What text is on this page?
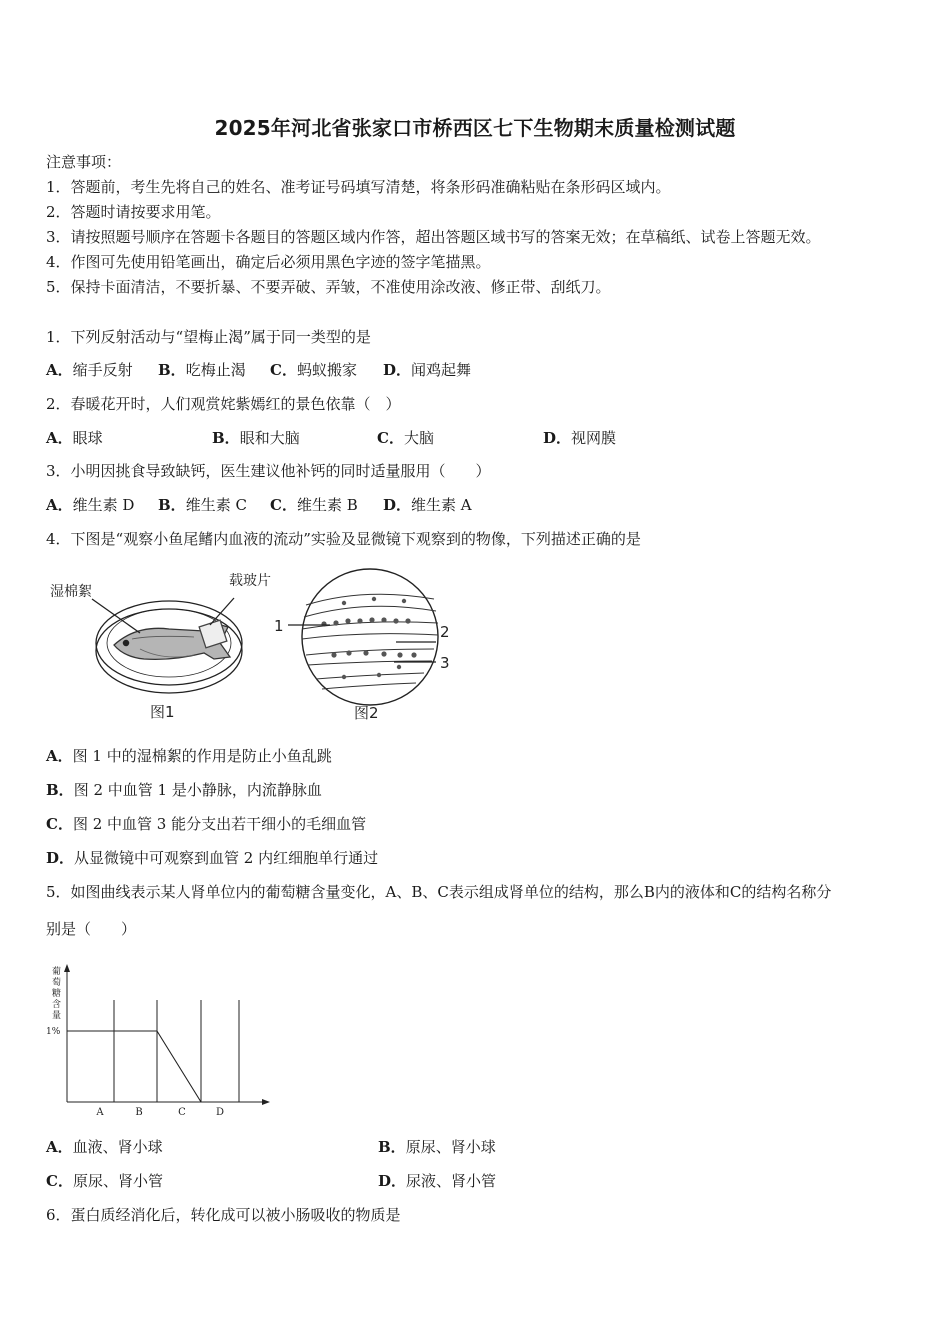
2025年河北省张家口市桥西区七下生物期末质量检测试题
注意事项：
1．答题前，考生先将自己的姓名、准考证号码填写清楚，将条形码准确粘贴在条形码区域内。
2．答题时请按要求用笔。
3．请按照题号顺序在答题卡各题目的答题区域内作答，超出答题区域书写的答案无效；在草稿纸、试卷上答题无效。
4．作图可先使用铅笔画出，确定后必须用黑色字迹的签字笔描黑。
5．保持卡面清洁，不要折暴、不要弄破、弄皱，不准使用涂改液、修正带、刮纸刀。
1．下列反射活动与“望梅止渴”属于同一类型的是
A．缩手反射 B．吃梅止渴 C．蚂蚁搬家 D．闻鸡起舞
2．春暖花开时，人们观赏姹紫嫣红的景色依靠（　）
A．眼球	B．眼和大脑	C．大脑	D．视网膜
3．小明因挑食导致缺钙，医生建议他补钙的同时适量服用（　　）
A．维生素 D B．维生素 C C．维生素 B D．维生素 A
4．下图是“观察小鱼尾鳍内血液的流动”实验及显微镜下观察到的物像，下列描述正确的是
湿棉絮
载玻片
图1
1	2
3
图2
A．图 1 中的湿棉絮的作用是防止小鱼乱跳
B．图 2 中血管 1 是小静脉，内流静脉血
C．图 2 中血管 3 能分支出若干细小的毛细血管
D．从显微镜中可观察到血管 2 内红细胞单行通过
5．如图曲线表示某人肾单位内的葡萄糖含量变化，A、B、C表示组成肾单位的结构，那么B内的液体和C的结构名称分
别是（　　）
葡萄糖含量
1%
A	B	C	D
A．血液、肾小球	B．原尿、肾小球
C．原尿、肾小管	D．尿液、肾小管
6．蛋白质经消化后，转化成可以被小肠吸收的物质是
